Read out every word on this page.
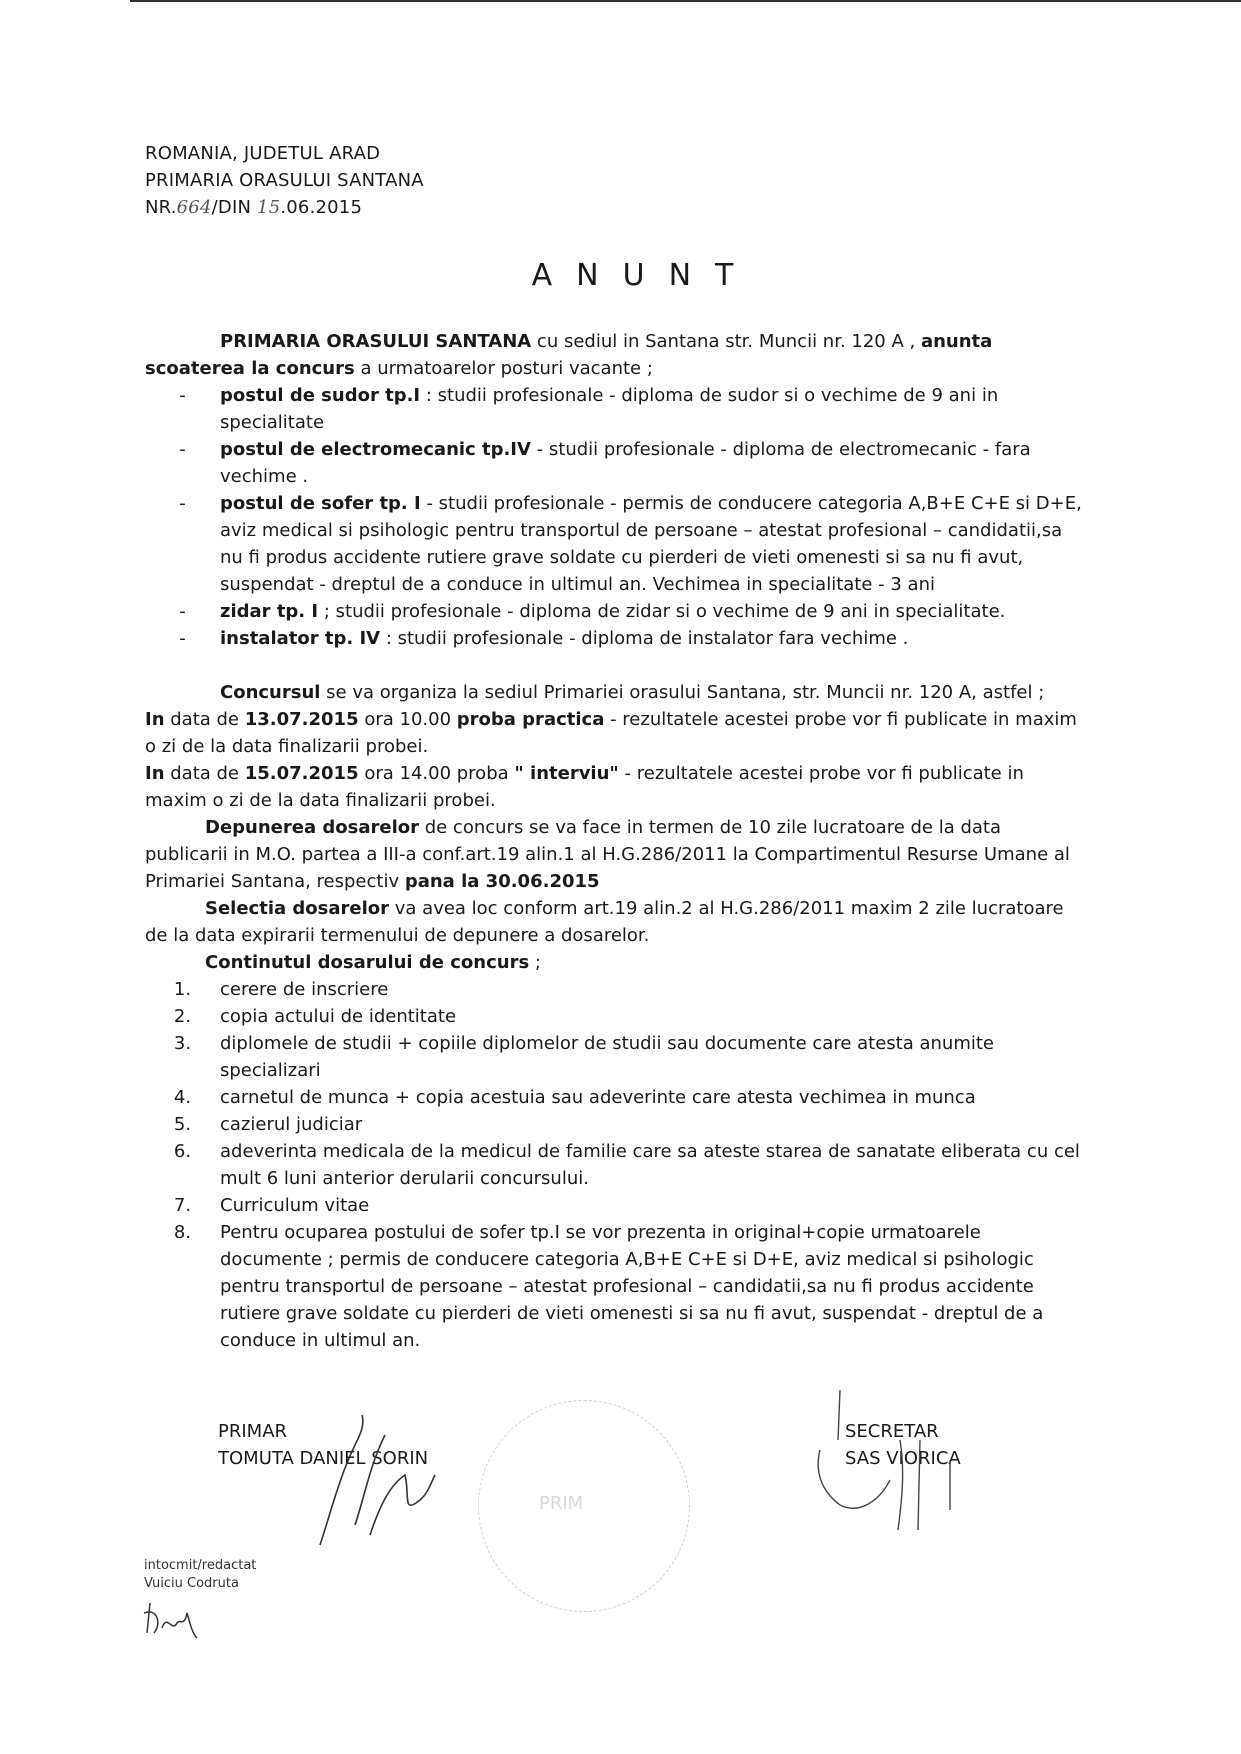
ROMANIA, JUDETUL ARAD
PRIMARIA ORASULUI SANTANA
NR.664/DIN 15.06.2015
ANUNT

PRIMARIA ORASULUI SANTANA cu sediul in Santana str. Muncii nr. 120 A , anunta scoaterea la concurs a urmatoarelor posturi vacante ;

-	postul de sudor tp.I : studii profesionale - diploma de sudor si o vechime de 9 ani in specialitate
-	postul de electromecanic tp.IV - studii profesionale - diploma de electromecanic - fara vechime .
-	postul de sofer tp. I - studii profesionale - permis de conducere categoria A,B+E C+E si D+E, aviz medical si psihologic pentru transportul de persoane – atestat profesional – candidatii,sa nu fi produs accidente rutiere grave soldate cu pierderi de vieti omenesti si sa nu fi avut, suspendat - dreptul de a conduce in ultimul an. Vechimea in specialitate - 3 ani
-	zidar tp. I ; studii profesionale - diploma de zidar si o vechime de 9 ani in specialitate.
-	instalator tp. IV : studii profesionale - diploma de instalator fara vechime .

Concursul se va organiza la sediul Primariei orasului Santana, str. Muncii nr. 120 A, astfel ;

In data de 13.07.2015 ora 10.00 proba practica - rezultatele acestei probe vor fi publicate in maxim o zi de la data finalizarii probei.

In data de 15.07.2015 ora 14.00 proba " interviu" - rezultatele acestei probe vor fi publicate in maxim o zi de la data finalizarii probei.

Depunerea dosarelor de concurs se va face in termen de 10 zile lucratoare de la data publicarii in M.O. partea a III-a conf.art.19 alin.1 al H.G.286/2011 la Compartimentul Resurse Umane al Primariei Santana, respectiv pana la 30.06.2015

Selectia dosarelor va avea loc conform art.19 alin.2 al H.G.286/2011 maxim 2 zile lucratoare de la data expirarii termenului de depunere a dosarelor.

Continutul dosarului de concurs ;

1.	cerere de inscriere
2.	copia actului de identitate
3.	diplomele de studii + copiile diplomelor de studii sau documente care atesta anumite specializari
4.	carnetul de munca + copia acestuia sau adeverinte care atesta vechimea in munca
5.	cazierul judiciar
6.	adeverinta medicala de la medicul de familie care sa ateste starea de sanatate eliberata cu cel mult 6 luni anterior derularii concursului.
7.	Curriculum vitae
8.	Pentru ocuparea postului de sofer tp.I se vor prezenta in original+copie urmatoarele documente ; permis de conducere categoria A,B+E C+E si D+E, aviz medical si psihologic pentru transportul de persoane – atestat profesional – candidatii,sa nu fi produs accidente rutiere grave soldate cu pierderi de vieti omenesti si sa nu fi avut, suspendat - dreptul de a conduce in ultimul an.
PRIM
PRIMAR
TOMUTA DANIEL SORIN
SECRETAR
SAS VIORICA
intocmit/redactat
Vuiciu Codruta
